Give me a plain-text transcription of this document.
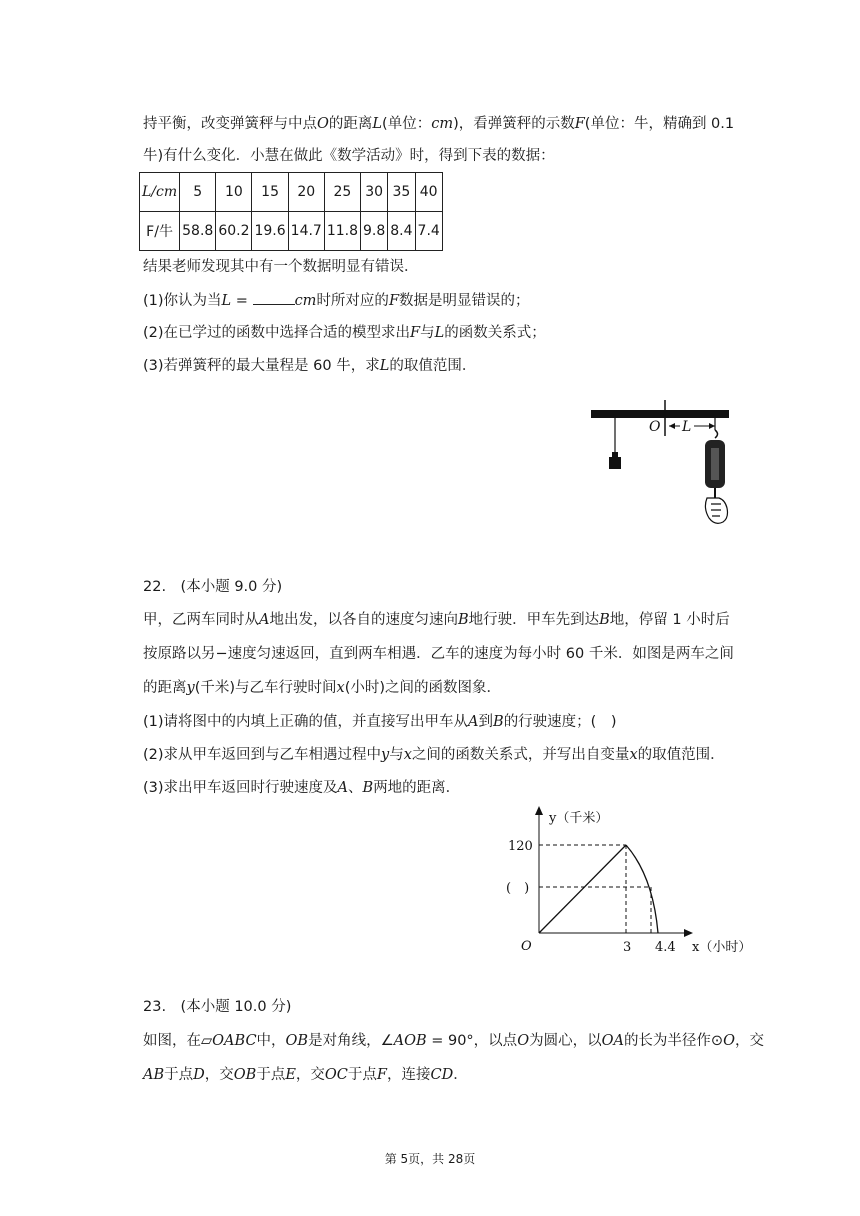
持平衡，改变弹簧秤与中点O的距离L(单位：cm)，看弹簧秤的示数F(单位：牛，精确到 0.1
牛)有什么变化．小慧在做此《数学活动》时，得到下表的数据：
L/cm	5	10	15	20	25	30	35	40
F/牛	58.8	60.2	19.6	14.7	11.8	9.8	8.4	7.4
结果老师发现其中有一个数据明显有错误．
(1)你认为当L =	cm时所对应的F数据是明显错误的；
(2)在已学过的函数中选择合适的模型求出F与L的函数关系式；
(3)若弹簧秤的最大量程是 60 牛，求L的取值范围．
O L
22.　(本小题 9.0 分)
甲，乙两车同时从A地出发，以各自的速度匀速向B地行驶．甲车先到达B地，停留 1 小时后
按原路以另−速度匀速返回，直到两车相遇．乙车的速度为每小时 60 千米．如图是两车之间
的距离y(千米)与乙车行驶时间x(小时)之间的函数图象．
(1)请将图中的内填上正确的值，并直接写出甲车从A到B的行驶速度；(　)
(2)求从甲车返回到与乙车相遇过程中y与x之间的函数关系式，并写出自变量x的取值范围．
(3)求出甲车返回时行驶速度及A、B两地的距离．
y（千米）
x（小时）
O
120
(　)
3 4.4
23.　(本小题 10.0 分)
如图，在▱OABC中，OB是对角线，∠AOB = 90°，以点O为圆心，以OA的长为半径作⊙O，交
AB于点D，交OB于点E，交OC于点F，连接CD．
第 5页，共 28页
